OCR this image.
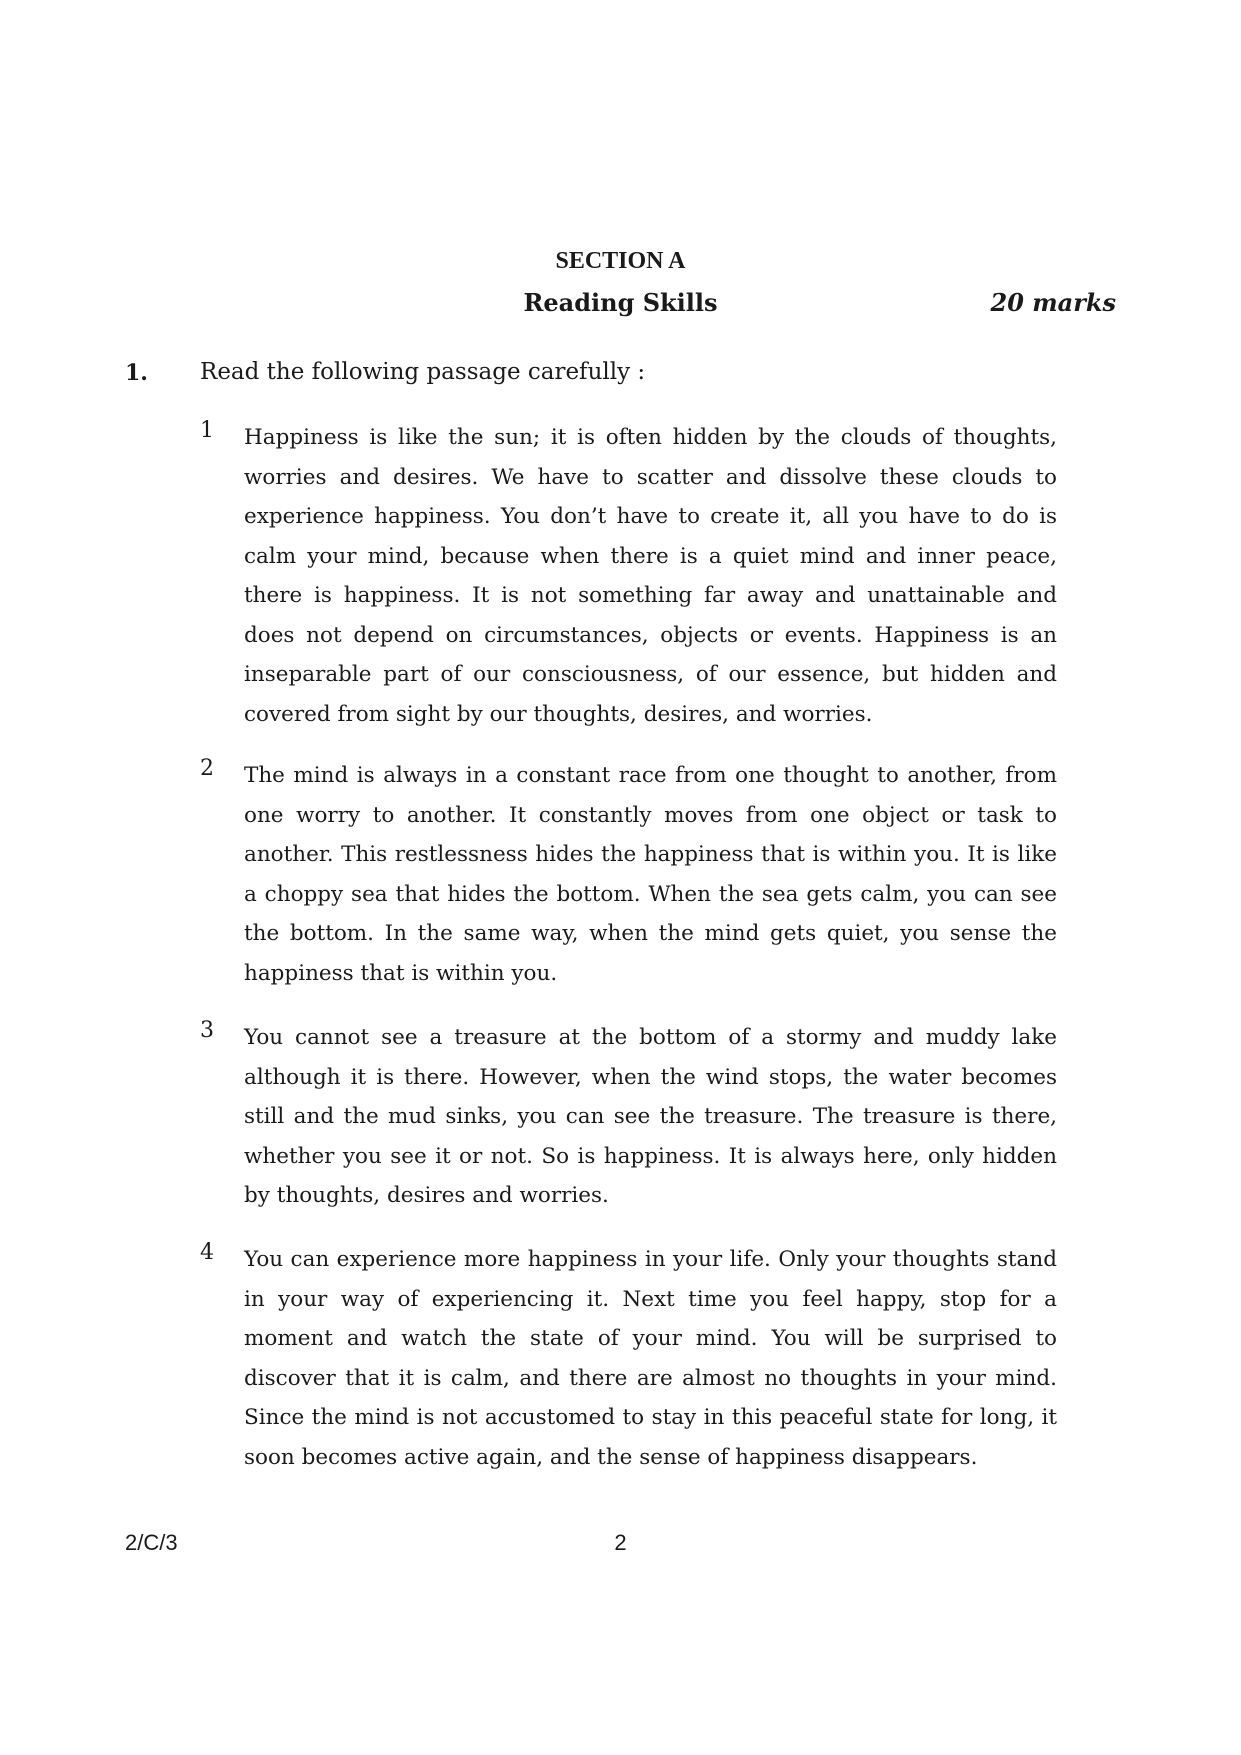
SECTION A
Reading Skills	20 marks
1. Read the following passage carefully :
1 Happiness is like the sun; it is often hidden by the clouds of thoughts, worries and desires. We have to scatter and dissolve these clouds to experience happiness. You don’t have to create it, all you have to do is calm your mind, because when there is a quiet mind and inner peace, there is happiness. It is not something far away and unattainable and does not depend on circumstances, objects or events. Happiness is an inseparable part of our consciousness, of our essence, but hidden and covered from sight by our thoughts, desires, and worries.

2 The mind is always in a constant race from one thought to another, from one worry to another. It constantly moves from one object or task to another. This restlessness hides the happiness that is within you. It is like a choppy sea that hides the bottom. When the sea gets calm, you can see the bottom. In the same way, when the mind gets quiet, you sense the happiness that is within you.

3 You cannot see a treasure at the bottom of a stormy and muddy lake although it is there. However, when the wind stops, the water becomes still and the mud sinks, you can see the treasure. The treasure is there, whether you see it or not. So is happiness. It is always here, only hidden by thoughts, desires and worries.

4 You can experience more happiness in your life. Only your thoughts stand in your way of experiencing it. Next time you feel happy, stop for a moment and watch the state of your mind. You will be surprised to discover that it is calm, and there are almost no thoughts in your mind. Since the mind is not accustomed to stay in this peaceful state for long, it soon becomes active again, and the sense of happiness disappears.

2/C/3	2
